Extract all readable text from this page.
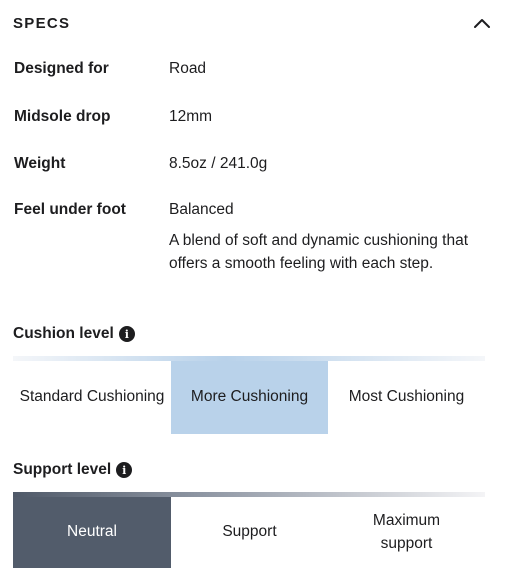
SPECS
Designed for	Road
Midsole drop	12mm
Weight	8.5oz / 241.0g
Feel under foot	Balanced
A blend of soft and dynamic cushioning that offers a smooth feeling with each step.
Cushion level i
Standard Cushioning	More Cushioning	Most Cushioning
Support level i
Neutral	Support
Maximum support
